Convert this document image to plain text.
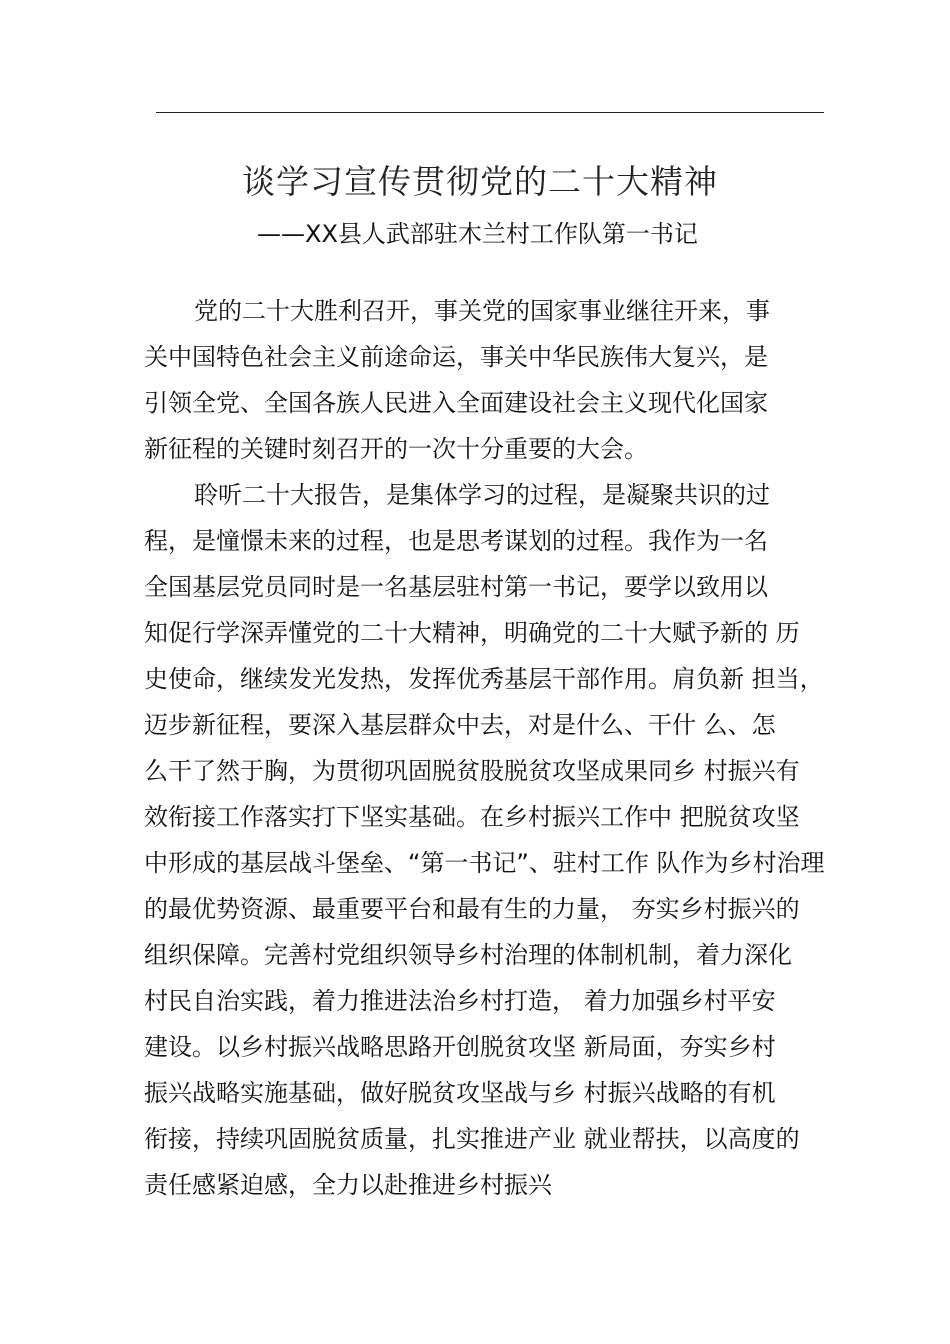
谈学习宣传贯彻党的二十大精神
——XX县人武部驻木兰村工作队第一书记
党的二十大胜利召开，事关党的国家事业继往开来，事
关中国特色社会主义前途命运，事关中华民族伟大复兴，是
引领全党、全国各族人民进入全面建设社会主义现代化国家
新征程的关键时刻召开的一次十分重要的大会。
聆听二十大报告，是集体学习的过程，是凝聚共识的过
程，是憧憬未来的过程，也是思考谋划的过程。我作为一名
全国基层党员同时是一名基层驻村第一书记，要学以致用以
知促行学深弄懂党的二十大精神，明确党的二十大赋予新的 历
史使命，继续发光发热，发挥优秀基层干部作用。肩负新 担当，
迈步新征程，要深入基层群众中去，对是什么、干什 么、怎
么干了然于胸，为贯彻巩固脱贫股脱贫攻坚成果同乡 村振兴有
效衔接工作落实打下坚实基础。在乡村振兴工作中 把脱贫攻坚
中形成的基层战斗堡垒、“第一书记”、驻村工作 队作为乡村治理
的最优势资源、最重要平台和最有生的力量， 夯实乡村振兴的
组织保障。完善村党组织领导乡村治理的体制机制，着力深化
村民自治实践，着力推进法治乡村打造， 着力加强乡村平安
建设。以乡村振兴战略思路开创脱贫攻坚 新局面，夯实乡村
振兴战略实施基础，做好脱贫攻坚战与乡 村振兴战略的有机
衔接，持续巩固脱贫质量，扎实推进产业 就业帮扶，以高度的
责任感紧迫感，全力以赴推进乡村振兴
